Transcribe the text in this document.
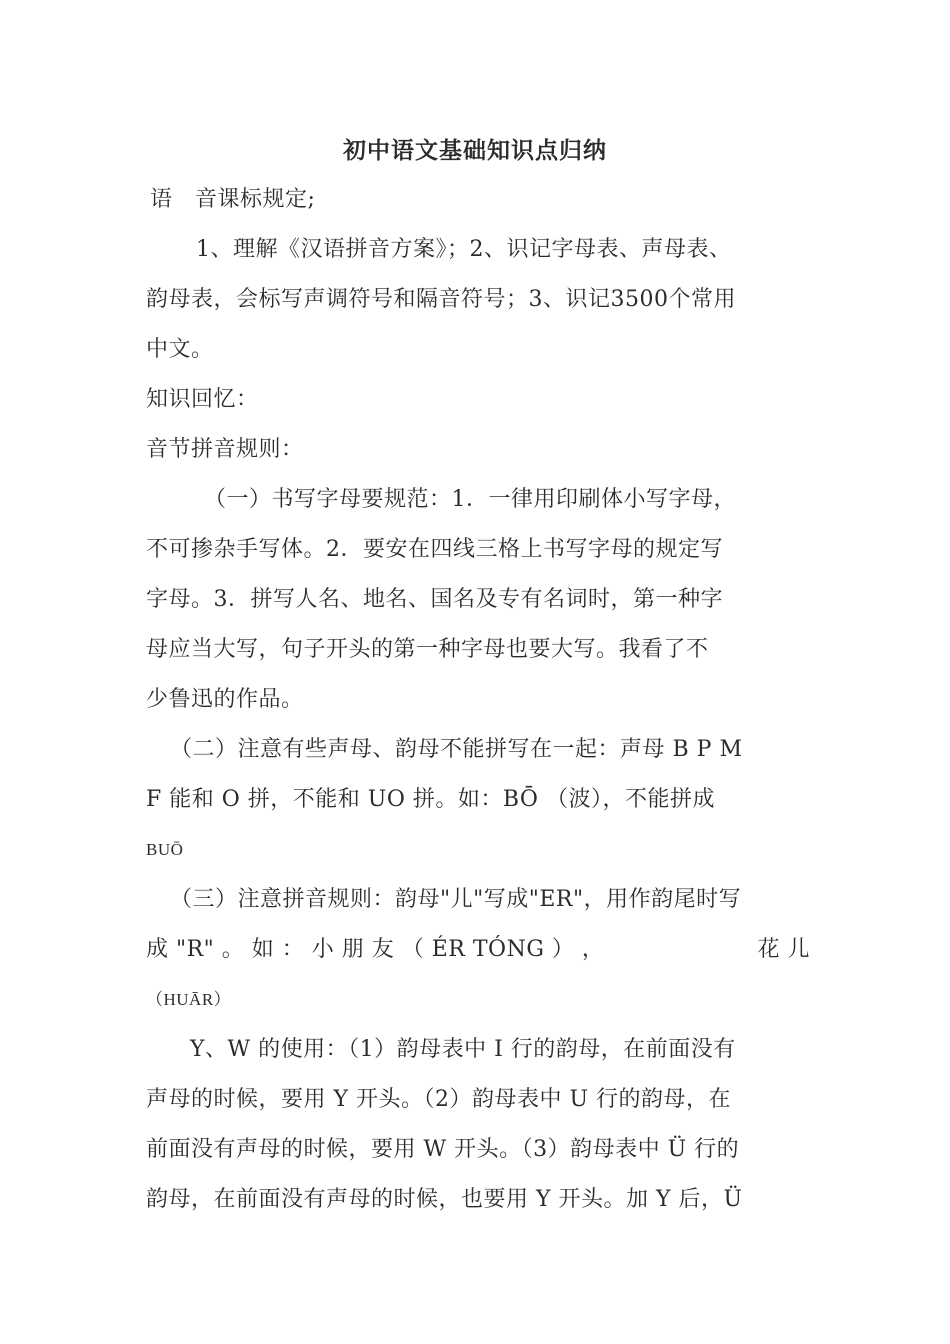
初中语文基础知识点归纳
语　音课标规定;
1、理解《汉语拼音方案》；2、识记字母表、声母表、
韵母表，会标写声调符号和隔音符号；3、识记3500个常用
中文。
知识回忆：
音节拼音规则：
（一）书写字母要规范：1．一律用印刷体小写字母，
不可掺杂手写体。2．要安在四线三格上书写字母的规定写
字母。3．拼写人名、地名、国名及专有名词时，第一种字
母应当大写，句子开头的第一种字母也要大写。我看了不
少鲁迅的作品。
（二）注意有些声母、韵母不能拼写在一起：声母 B P M
F 能和 O 拼，不能和 UO 拼。如：BŌ （波），不能拼成
BUŌ
（三）注意拼音规则：韵母"儿"写成"ER"，用作韵尾时写
成 "R" 。 如 ： 小 朋 友 （ ÉR TÓNG ） ，	花 儿
（HUĀR）
Y、W 的使用：（1）韵母表中 I 行的韵母，在前面没有
声母的时候，要用 Y 开头。（2）韵母表中 U 行的韵母，在
前面没有声母的时候，要用 W 开头。（3）韵母表中 Ü 行的
韵母，在前面没有声母的时候，也要用 Y 开头。加 Y 后，Ü
